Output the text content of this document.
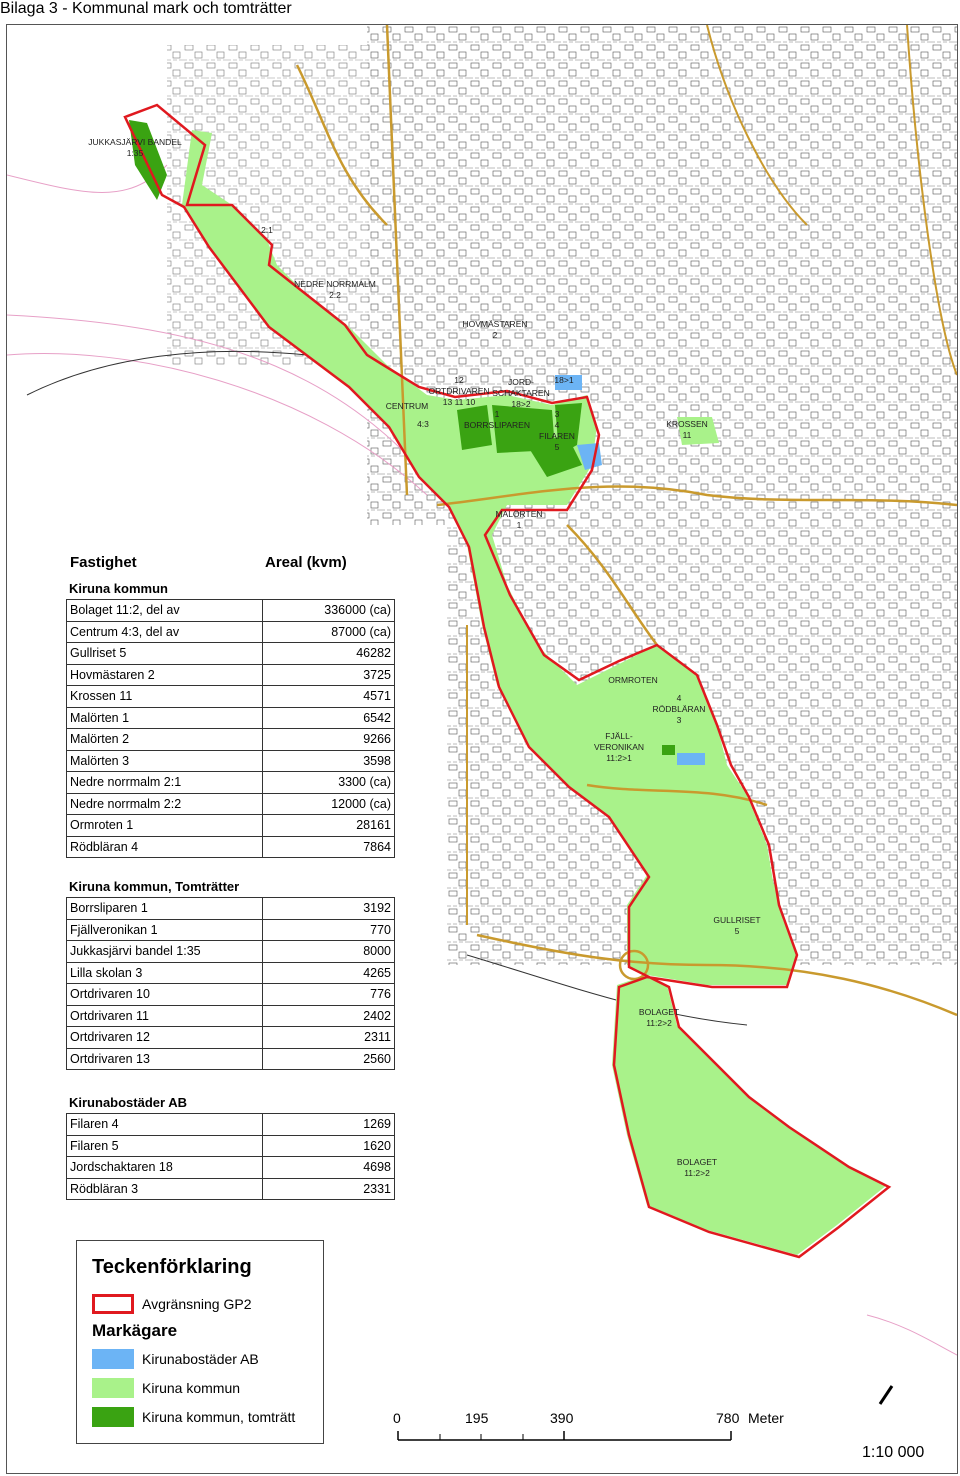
Bilaga 3 - Kommunal mark och tomträtter
JUKKASJÄRVI BANDEL 1:35
NEDRE NORRMALM 2:2
2:1
HOVMÄSTAREN 2
CENTRUM
4:3
12 ORTDRIVAREN 13 11 10
JORD-SCHAKTAREN 18>2
18>1
1 BORRSLIPAREN
3 4 FILAREN 5
KROSSEN 11
MALÖRTEN 1
ORMROTEN
4 RÖDBLÄRAN 3
FJÄLL-VERONIKAN 11:2>1
GULLRISET 5
BOLAGET 11:2>2
BOLAGET 11:2>2
Fastighet	Areal (kvm)
Kiruna kommun
Bolaget 11:2, del av	336000 (ca)
Centrum 4:3, del av	87000 (ca)
Gullriset 5	46282
Hovmästaren 2	3725
Krossen 11	4571
Malörten 1	6542
Malörten 2	9266
Malörten 3	3598
Nedre norrmalm 2:1	3300 (ca)
Nedre norrmalm 2:2	12000 (ca)
Ormroten 1	28161
Rödbläran 4	7864
Kiruna kommun, Tomträtter
Borrsliparen 1	3192
Fjällveronikan 1	770
Jukkasjärvi bandel 1:35	8000
Lilla skolan 3	4265
Ortdrivaren 10	776
Ortdrivaren 11	2402
Ortdrivaren 12	2311
Ortdrivaren 13	2560
Kirunabostäder AB
Filaren 4	1269
Filaren 5	1620
Jordschaktaren 18	4698
Rödbläran 3	2331
Teckenförklaring
Avgränsning GP2
Markägare
Kirunabostäder AB
Kiruna kommun
Kiruna kommun, tomträtt	0	195	390	780 Meter
1:10 000
